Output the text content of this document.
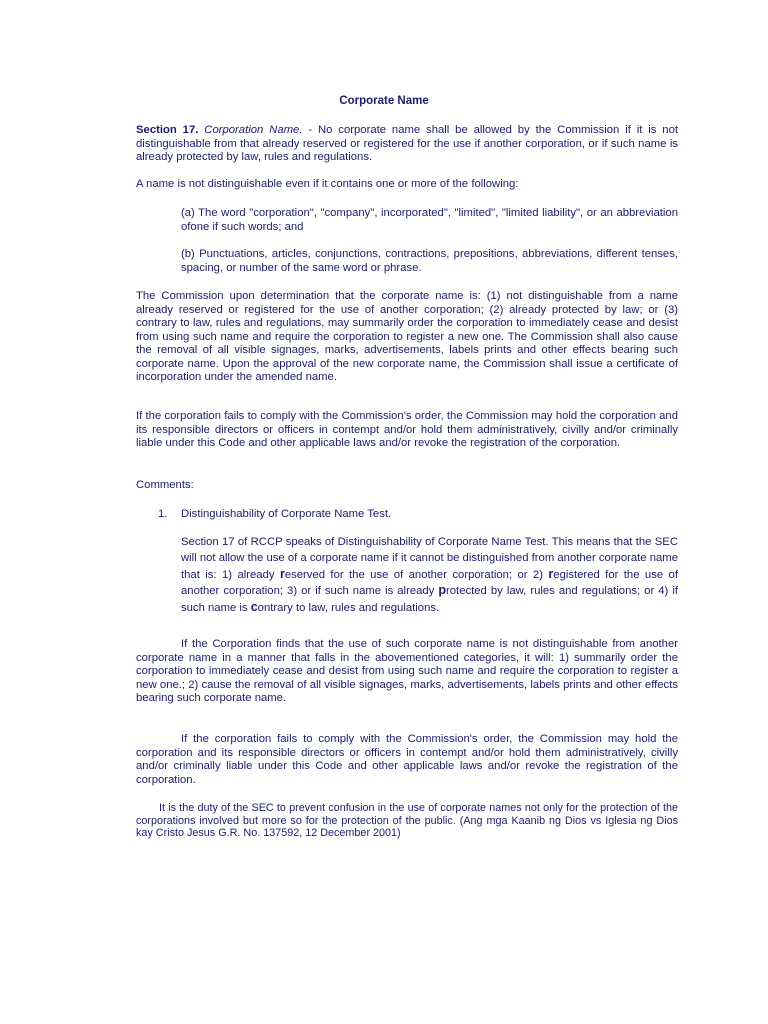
Corporate Name

Section 17. Corporation Name. - No corporate name shall be allowed by the Commission if it is not distinguishable from that already reserved or registered for the use if another corporation, or if such name is already protected by law, rules and regulations.

A name is not distinguishable even if it contains one or more of the following:

(a) The word "corporation", "company", incorporated", "limited", "limited liability", or an abbreviation ofone if such words; and

(b) Punctuations, articles, conjunctions, contractions, prepositions, abbreviations, different tenses, spacing, or number of the same word or phrase.

The Commission upon determination that the corporate name is: (1) not distinguishable from a name already reserved or registered for the use of another corporation; (2) already protected by law; or (3) contrary to law, rules and regulations, may summarily order the corporation to immediately cease and desist from using such name and require the corporation to register a new one. The Commission shall also cause the removal of all visible signages, marks, advertisements, labels prints and other effects bearing such corporate name. Upon the approval of the new corporate name, the Commission shall issue a certificate of incorporation under the amended name.

If the corporation fails to comply with the Commission's order, the Commission may hold the corporation and its responsible directors or officers in contempt and/or hold them administratively, civilly and/or criminally liable under this Code and other applicable laws and/or revoke the registration of the corporation.

Comments:

1. Distinguishability of Corporate Name Test.

Section 17 of RCCP speaks of Distinguishability of Corporate Name Test. This means that the SEC will not allow the use of a corporate name if it cannot be distinguished from another corporate name that is: 1) already reserved for the use of another corporation; or 2) registered for the use of another corporation; 3) or if such name is already protected by law, rules and regulations; or 4) if such name is contrary to law, rules and regulations.

If the Corporation finds that the use of such corporate name is not distinguishable from another corporate name in a manner that falls in the abovementioned categories, it will: 1) summarily order the corporation to immediately cease and desist from using such name and require the corporation to register a new one.; 2) cause the removal of all visible signages, marks, advertisements, labels prints and other effects bearing such corporate name.

If the corporation fails to comply with the Commission's order, the Commission may hold the corporation and its responsible directors or officers in contempt and/or hold them administratively, civilly and/or criminally liable under this Code and other applicable laws and/or revoke the registration of the corporation.

It is the duty of the SEC to prevent confusion in the use of corporate names not only for the protection of the corporations involved but more so for the protection of the public. (Ang mga Kaanib ng Dios vs Iglesia ng Dios kay Cristo Jesus G.R. No. 137592, 12 December 2001)
